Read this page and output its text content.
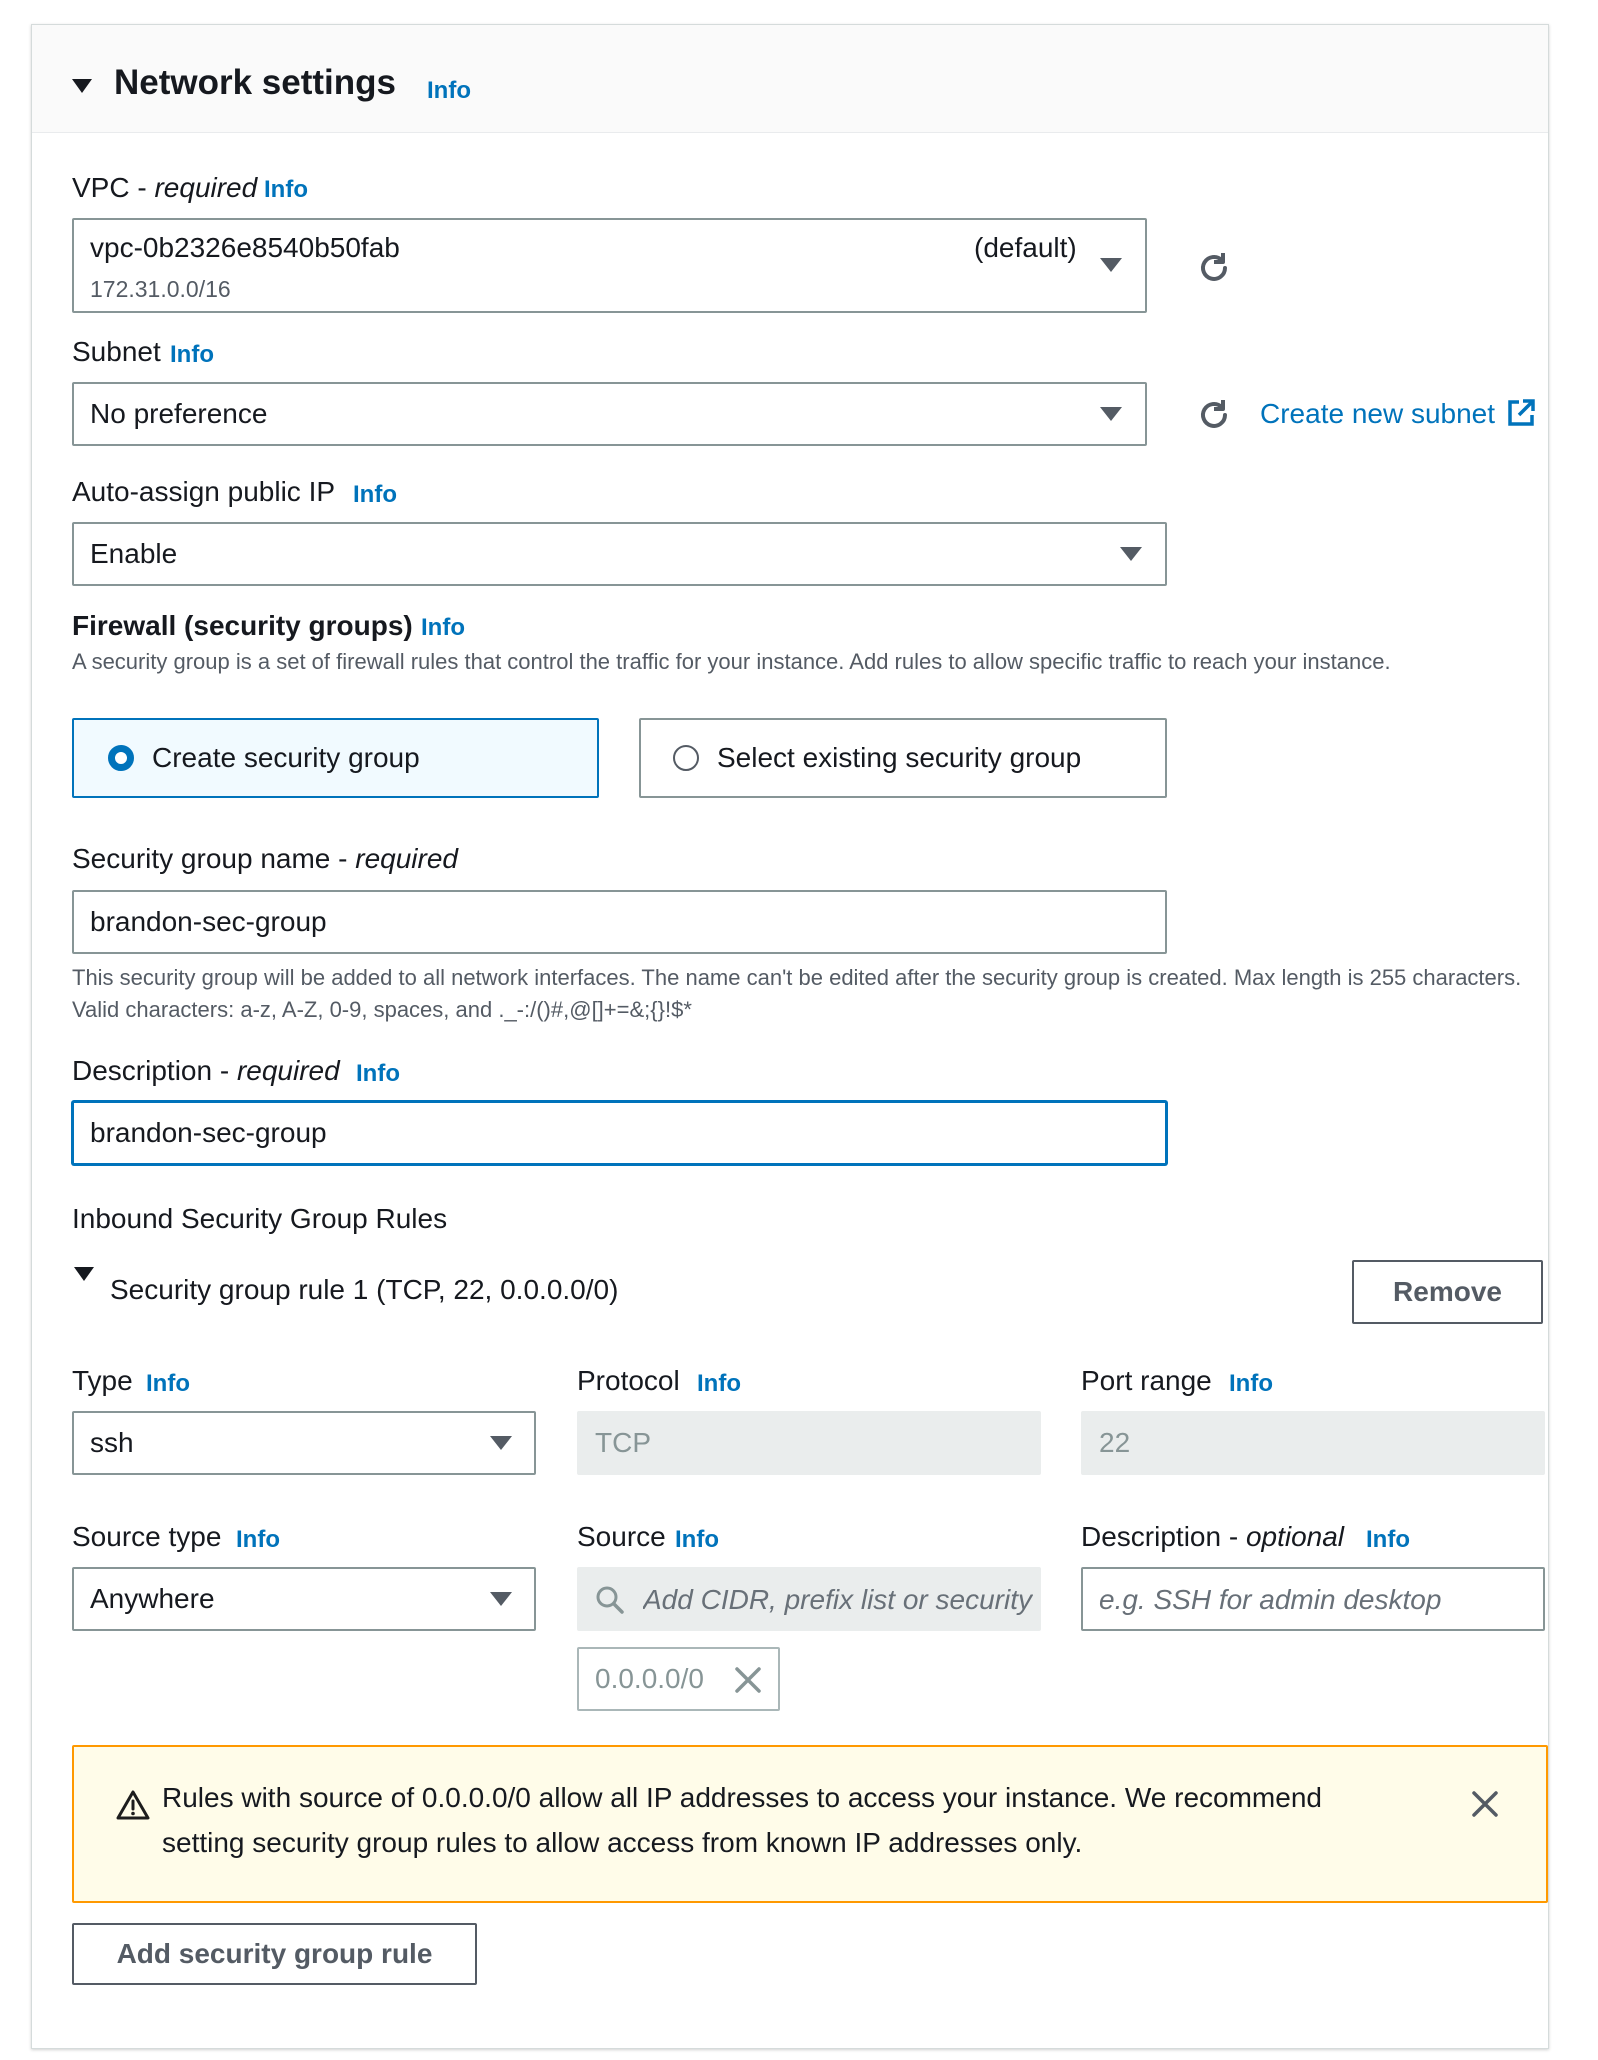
Network settings Info
VPC - required Info
vpc-0b2326e8540b50fab
172.31.0.0/16
(default)
Subnet Info
No preference	Create new subnet
Auto-assign public IP Info
Enable
Firewall (security groups) Info
A security group is a set of firewall rules that control the traffic for your instance. Add rules to allow specific traffic to reach your instance.
Create security group	Select existing security group
Security group name - required
brandon-sec-group
This security group will be added to all network interfaces. The name can't be edited after the security group is created. Max length is 255 characters. Valid characters: a-z, A-Z, 0-9, spaces, and ._-:/()#,@[]+=&;{}!$*
Description - required Info
brandon-sec-group
Inbound Security Group Rules
Security group rule 1 (TCP, 22, 0.0.0.0/0)	Remove
Type Info
ssh
Protocol Info
TCP
Port range Info
22
Source type Info
Anywhere
Source Info
Add CIDR, prefix list or security
0.0.0.0/0
Description - optional Info
e.g. SSH for admin desktop
Rules with source of 0.0.0.0/0 allow all IP addresses to access your instance. We recommend setting security group rules to allow access from known IP addresses only.
Add security group rule
